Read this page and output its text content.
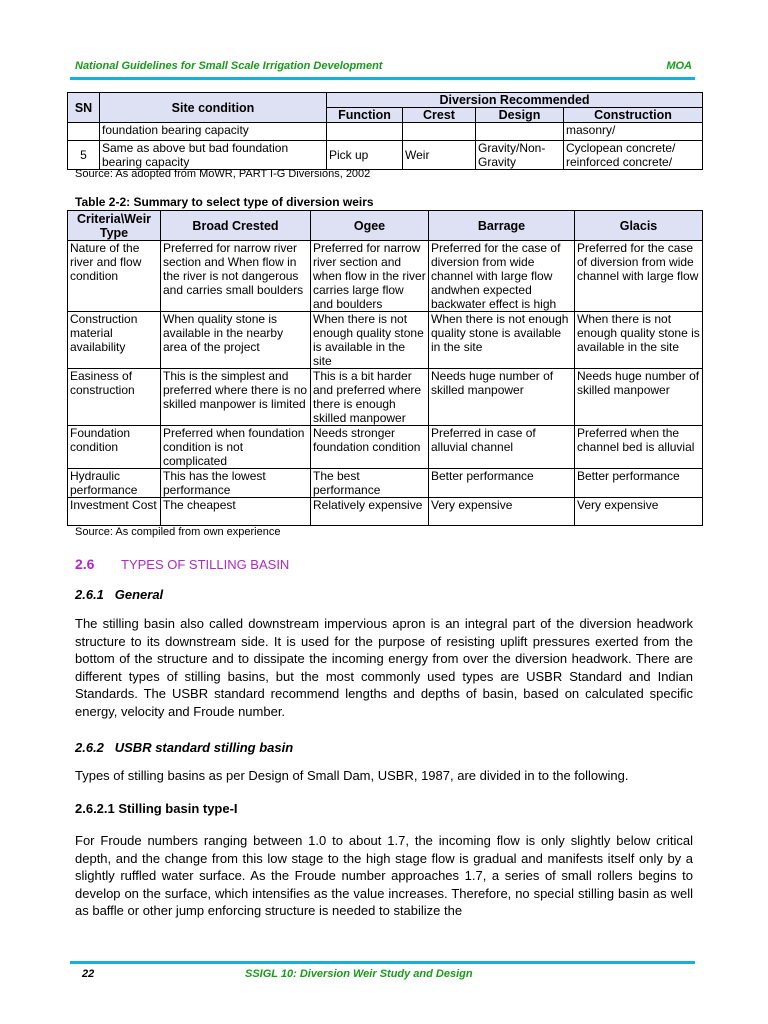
National Guidelines for Small Scale Irrigation Development	MOA
SN	Site condition	Diversion Recommended			
		Function	Crest	Design	Construction
	foundation bearing capacity				masonry/
5	Same as above but bad foundation bearing capacity	Pick up	Weir	Gravity/Non-Gravity	Cyclopean concrete/ reinforced concrete/
Source: As adopted from MoWR, PART I-G Diversions, 2002
Table 2-2: Summary to select type of diversion weirs
Criteria\Weir Type	Broad Crested	Ogee	Barrage	Glacis
Nature of the river and flow condition	Preferred for narrow river section and When flow in the river is not dangerous and carries small boulders	Preferred for narrow river section and when flow in the river carries large flow and boulders	Preferred for the case of diversion from wide channel with large flow andwhen expected backwater effect is high	Preferred for the case of diversion from wide channel with large flow
Construction material availability	When quality stone is available in the nearby area of the project	When there is not enough quality stone is available in the site	When there is not enough quality stone is available in the site	When there is not enough quality stone is available in the site
Easiness of construction	This is the simplest and preferred where there is no skilled manpower is limited	This is a bit harder and preferred where there is enough skilled manpower	Needs huge number of skilled manpower	Needs huge number of skilled manpower
Foundation condition	Preferred when foundation condition is not complicated	Needs stronger foundation condition	Preferred in case of alluvial channel	Preferred when the channel bed is alluvial
Hydraulic performance	This has the lowest performance	The best performance	Better performance	Better performance
Investment Cost	The cheapest	Relatively expensive	Very expensive	Very expensive
Source: As compiled from own experience
2.6 TYPES OF STILLING BASIN
2.6.1   General
The stilling basin also called downstream impervious apron is an integral part of the diversion headwork structure to its downstream side. It is used for the purpose of resisting uplift pressures exerted from the bottom of the structure and to dissipate the incoming energy from over the diversion headwork. There are different types of stilling basins, but the most commonly used types are USBR Standard and Indian Standards. The USBR standard recommend lengths and depths of basin, based on calculated specific energy, velocity and Froude number.
2.6.2   USBR standard stilling basin
Types of stilling basins as per Design of Small Dam, USBR, 1987, are divided in to the following.
2.6.2.1 Stilling basin type-I
For Froude numbers ranging between 1.0 to about 1.7, the incoming flow is only slightly below critical depth, and the change from this low stage to the high stage flow is gradual and manifests itself only by a slightly ruffled water surface. As the Froude number approaches 1.7, a series of small rollers begins to develop on the surface, which intensifies as the value increases. Therefore, no special stilling basin as well as baffle or other jump enforcing structure is needed to stabilize the
22	SSIGL 10: Diversion Weir Study and Design
